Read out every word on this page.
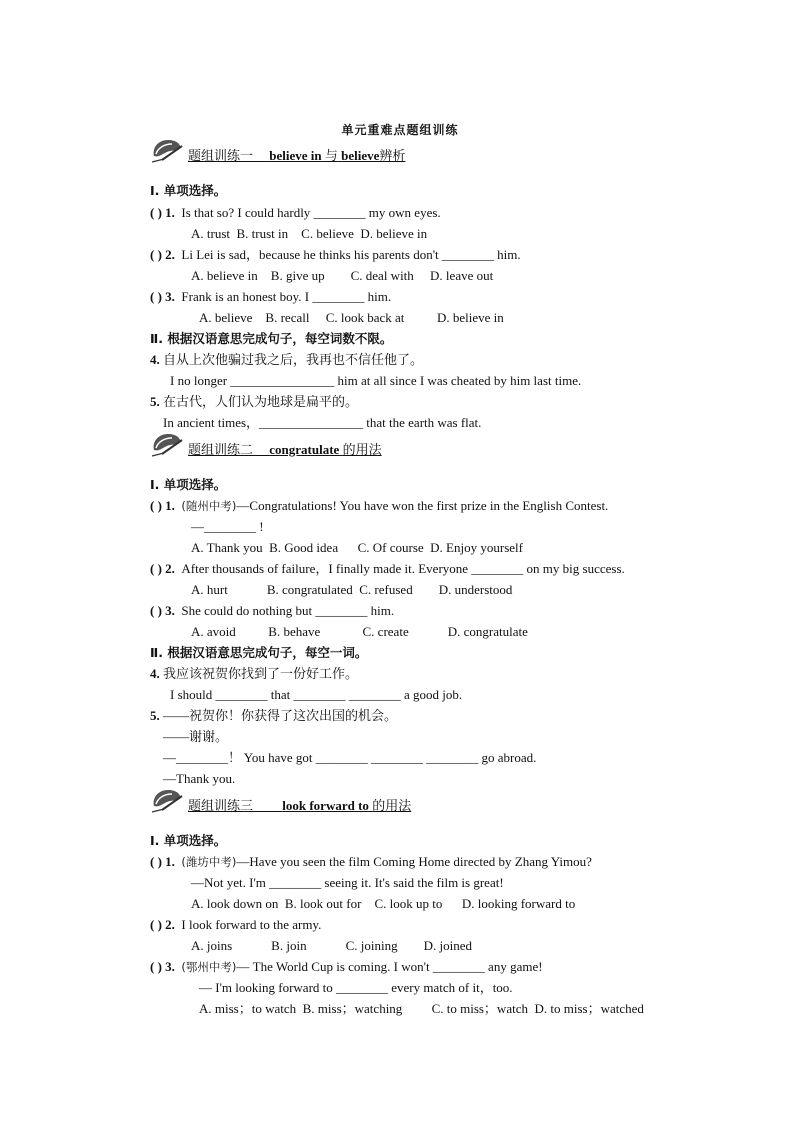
单元重难点题组训练
题组训练一 believe in 与 believe辨析
Ⅰ. 单项选择。
( ) 1. Is that so? I could hardly ________ my own eyes.
A. trust B. trust in C. believe D. believe in
( ) 2. Li Lei is sad，because he thinks his parents don't ________ him.
A. believe in B. give up C. deal with D. leave out
( ) 3. Frank is an honest boy. I ________ him.
A. believe B. recall C. look back at	D. believe in
Ⅱ. 根据汉语意思完成句子，每空词数不限。
4. 自从上次他骗过我之后，我再也不信任他了。
I no longer ________________ him at all since I was cheated by him last time.
5. 在古代，人们认为地球是扁平的。
In ancient times，________________ that the earth was flat.
题组训练二 congratulate 的用法
Ⅰ. 单项选择。
( ) 1. (随州中考)—Congratulations! You have won the first prize in the English Contest.
—________ !
A. Thank you B. Good idea C. Of course D. Enjoy yourself
( ) 2. After thousands of failure，I finally made it. Everyone ________ on my big success.
A. hurt	B. congratulated C. refused D. understood
( ) 3. She could do nothing but ________ him.
A. avoid	B. behave	C. create	D. congratulate
Ⅱ. 根据汉语意思完成句子，每空一词。
4. 我应该祝贺你找到了一份好工作。
I should ________ that ________ ________ a good job.
5. ——祝贺你！你获得了这次出国的机会。
——谢谢。
—________！ You have got ________ ________ ________ go abroad.
—Thank you.
题组训练三 look forward to 的用法
Ⅰ. 单项选择。
( ) 1. (潍坊中考)—Have you seen the film Coming Home directed by Zhang Yimou?
—Not yet. I'm ________ seeing it. It's said the film is great!
A. look down on B. look out for C. look up to D. looking forward to
( ) 2. I look forward to the army.
A. joins	B. join	C. joining D. joined
( ) 3. (鄂州中考)— The World Cup is coming. I won't ________ any game!
— I'm looking forward to ________ every match of it，too.
A. miss；to watch B. miss；watching C. to miss；watch D. to miss；watched
